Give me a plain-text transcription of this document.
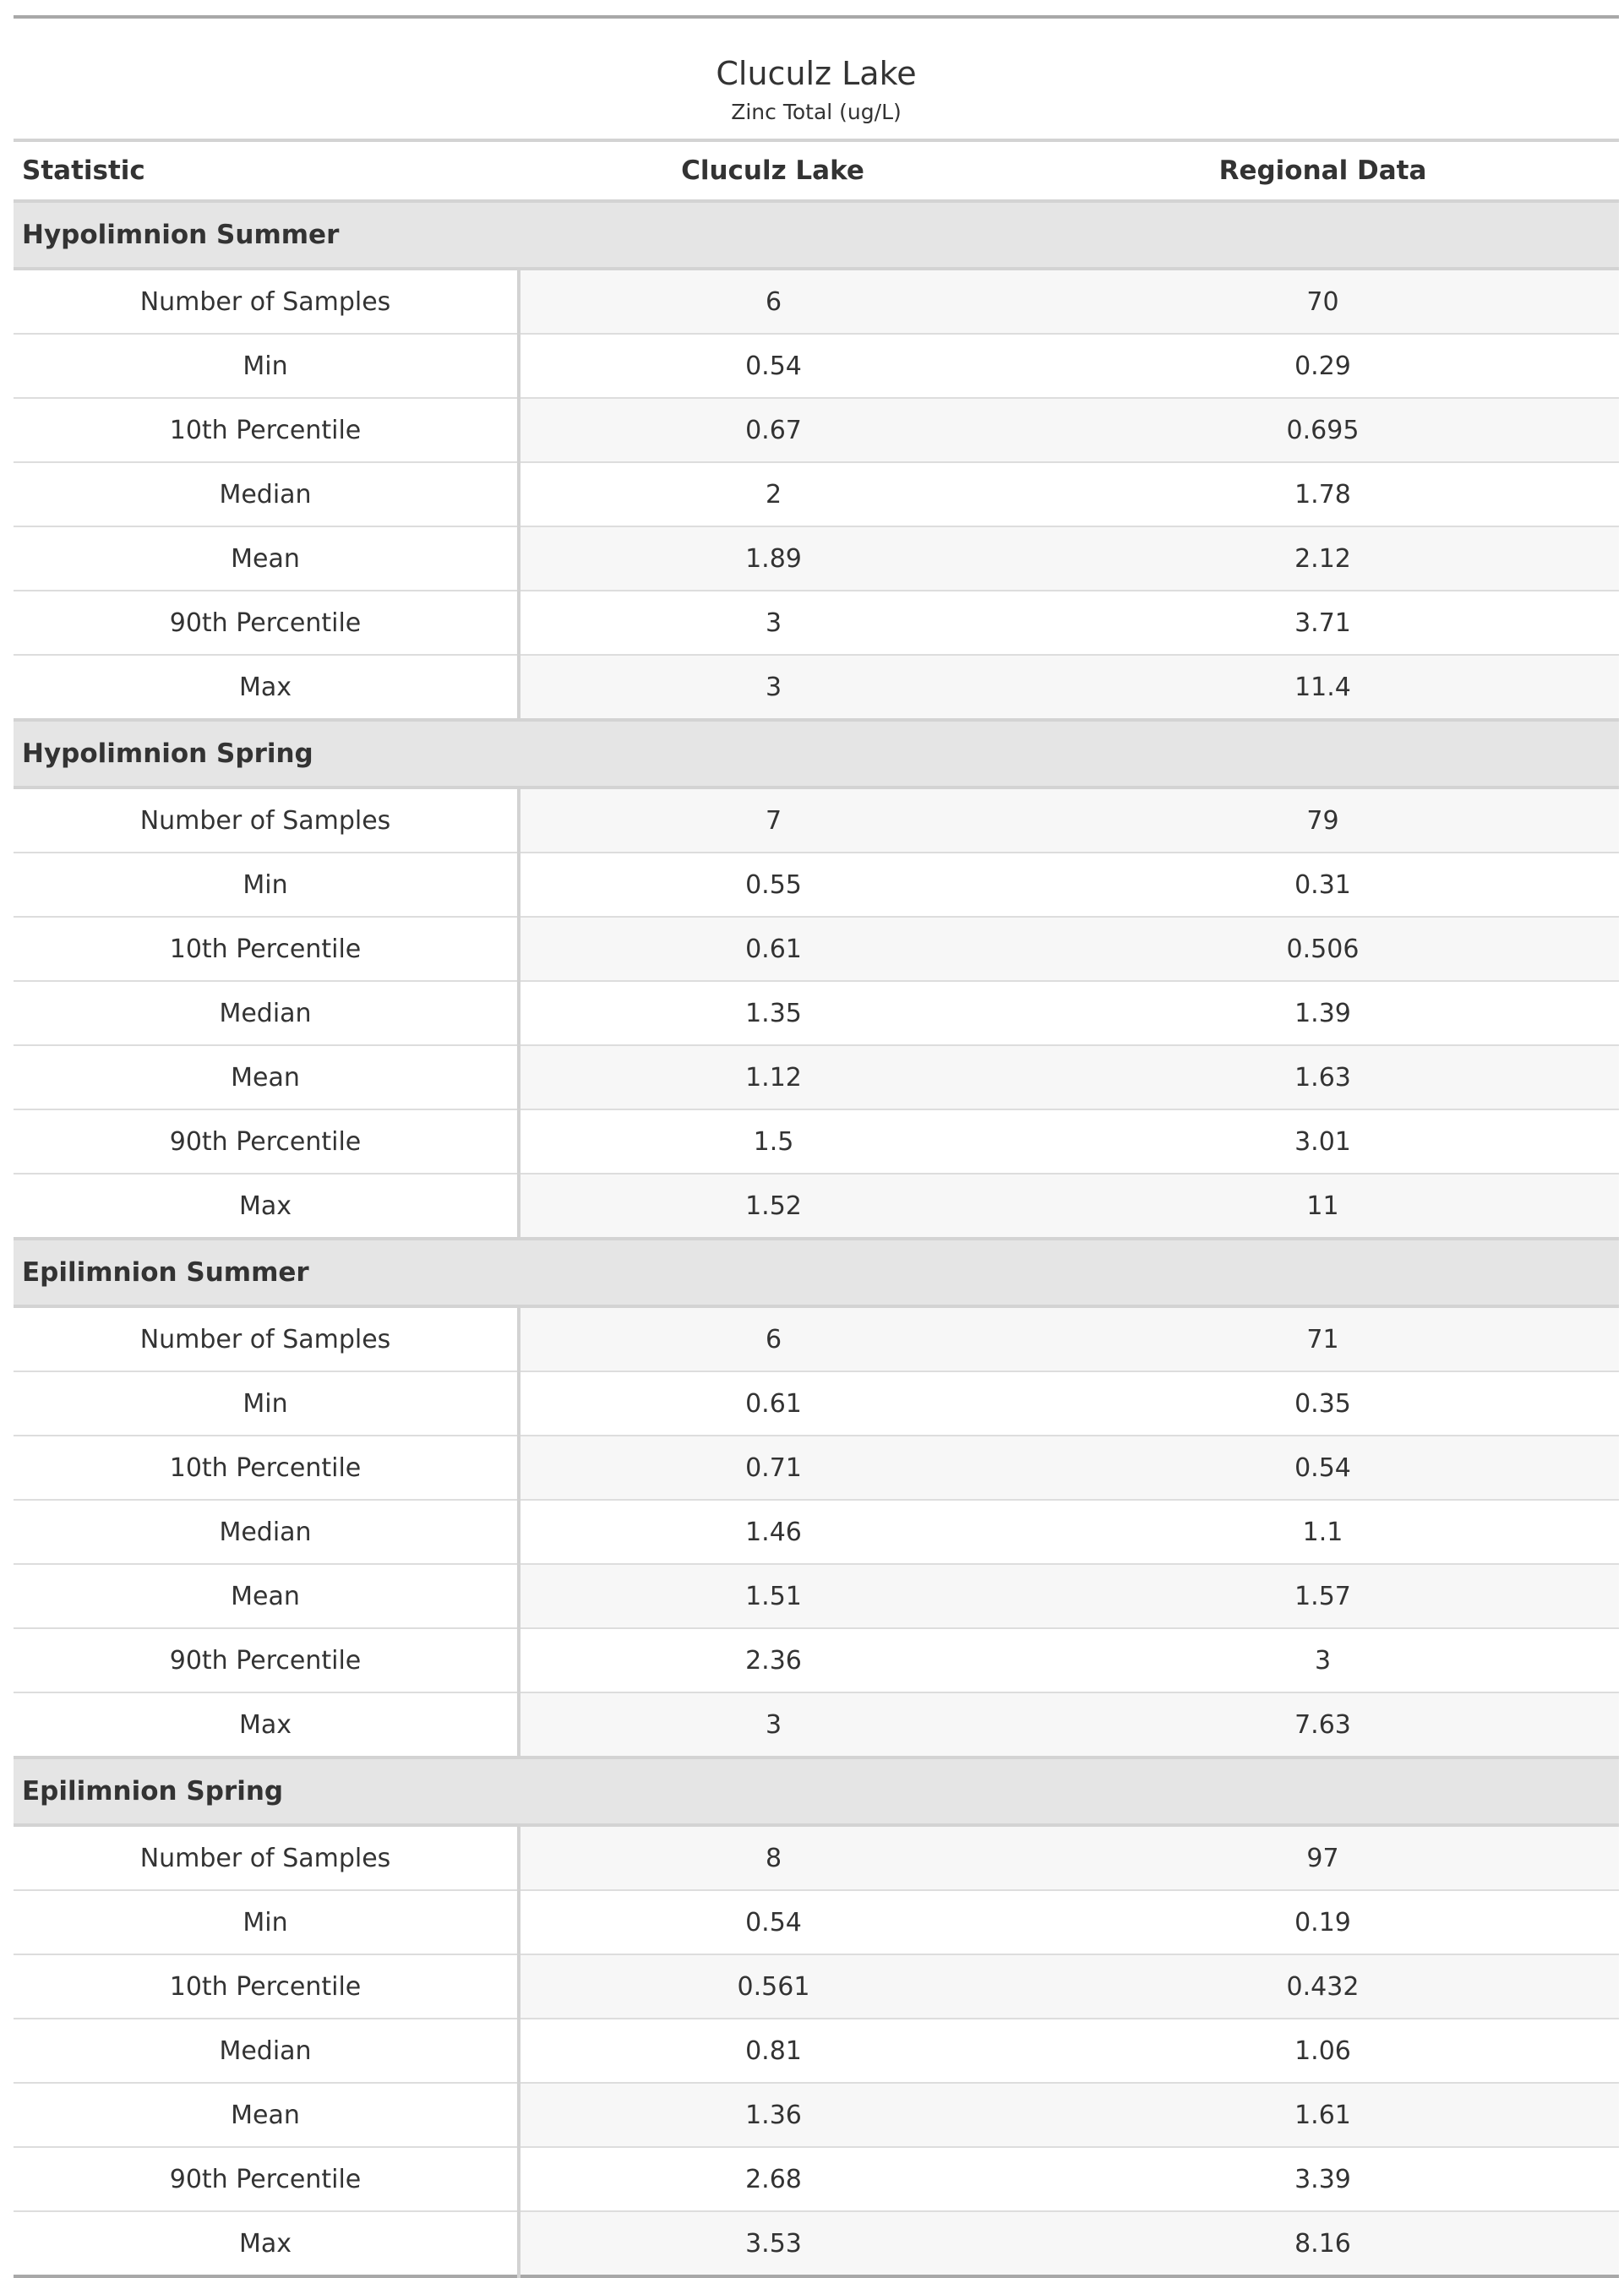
Cluculz Lake		
Zinc Total (ug/L)		
Statistic	Cluculz Lake	Regional Data
Hypolimnion Summer		
Number of Samples	6	70
Min	0.54	0.29
10th Percentile	0.67	0.695
Median	2	1.78
Mean	1.89	2.12
90th Percentile	3	3.71
Max	3	11.4
Hypolimnion Spring		
Number of Samples	7	79
Min	0.55	0.31
10th Percentile	0.61	0.506
Median	1.35	1.39
Mean	1.12	1.63
90th Percentile	1.5	3.01
Max	1.52	11
Epilimnion Summer		
Number of Samples	6	71
Min	0.61	0.35
10th Percentile	0.71	0.54
Median	1.46	1.1
Mean	1.51	1.57
90th Percentile	2.36	3
Max	3	7.63
Epilimnion Spring		
Number of Samples	8	97
Min	0.54	0.19
10th Percentile	0.561	0.432
Median	0.81	1.06
Mean	1.36	1.61
90th Percentile	2.68	3.39
Max	3.53	8.16
